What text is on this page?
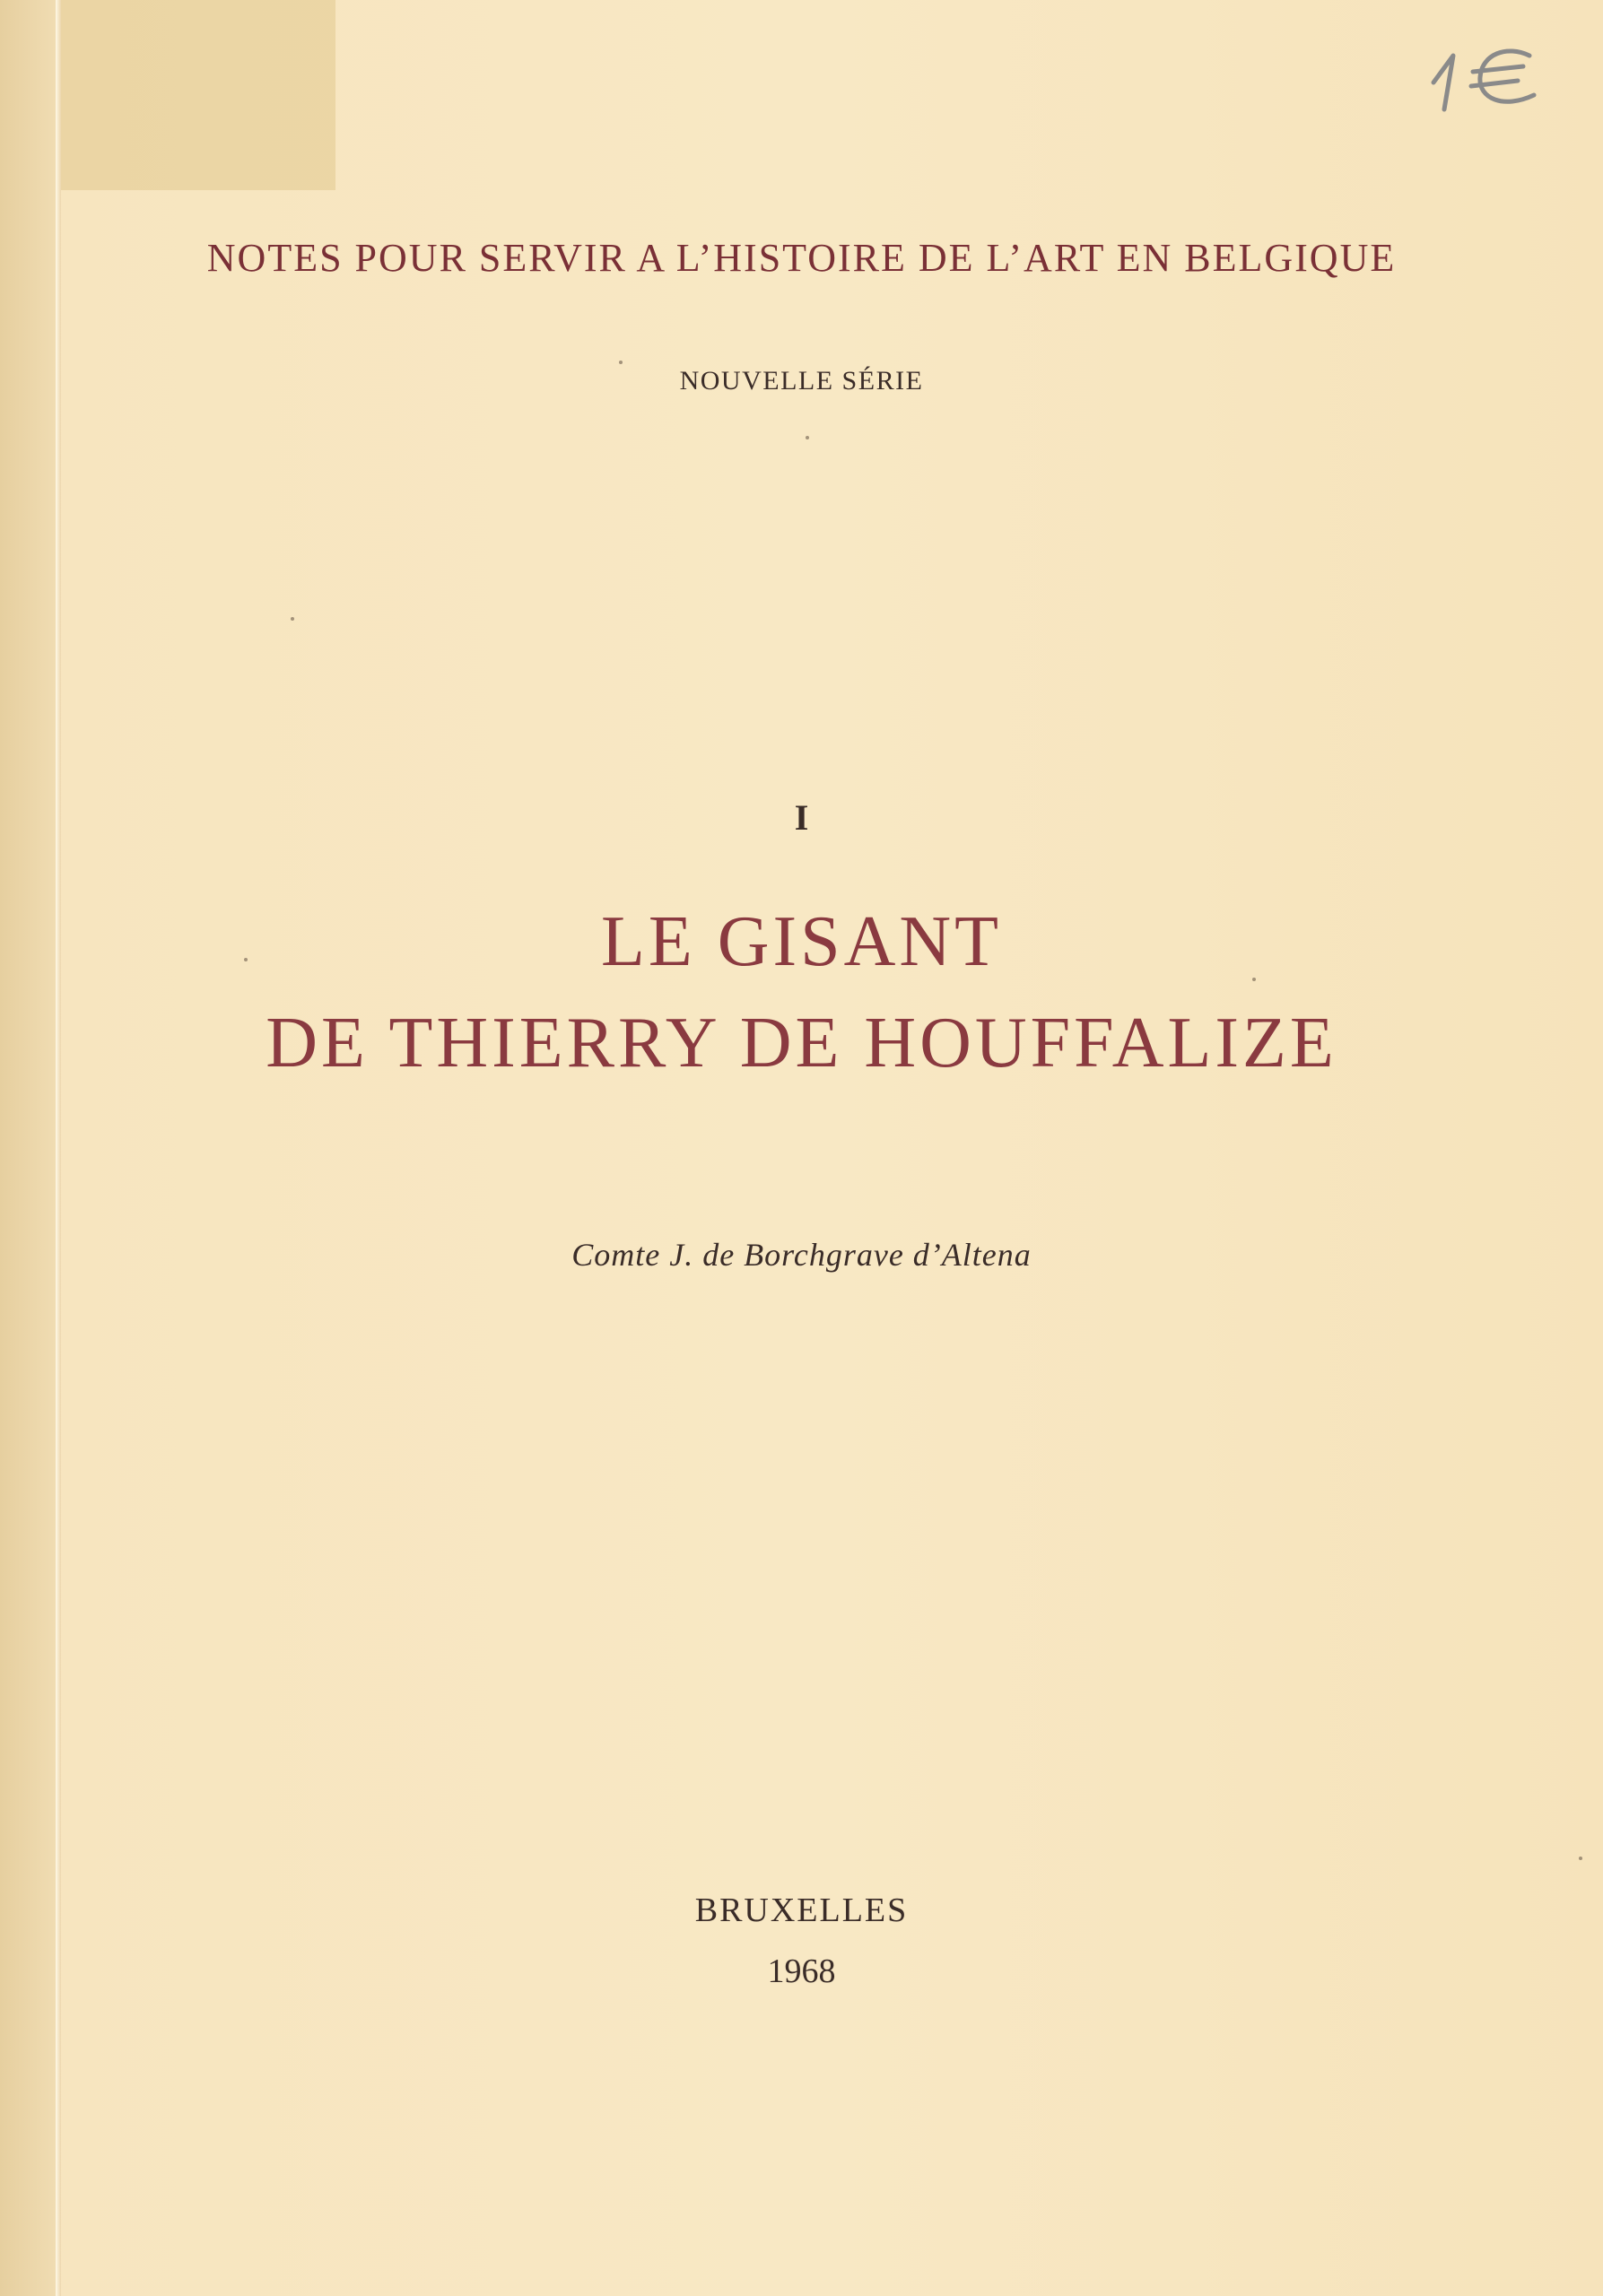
NOTES POUR SERVIR A L’HISTOIRE DE L’ART EN BELGIQUE
NOUVELLE SÉRIE
I
LE GISANT
DE THIERRY DE HOUFFALIZE
Comte J. de Borchgrave d’Altena
BRUXELLES
1968
